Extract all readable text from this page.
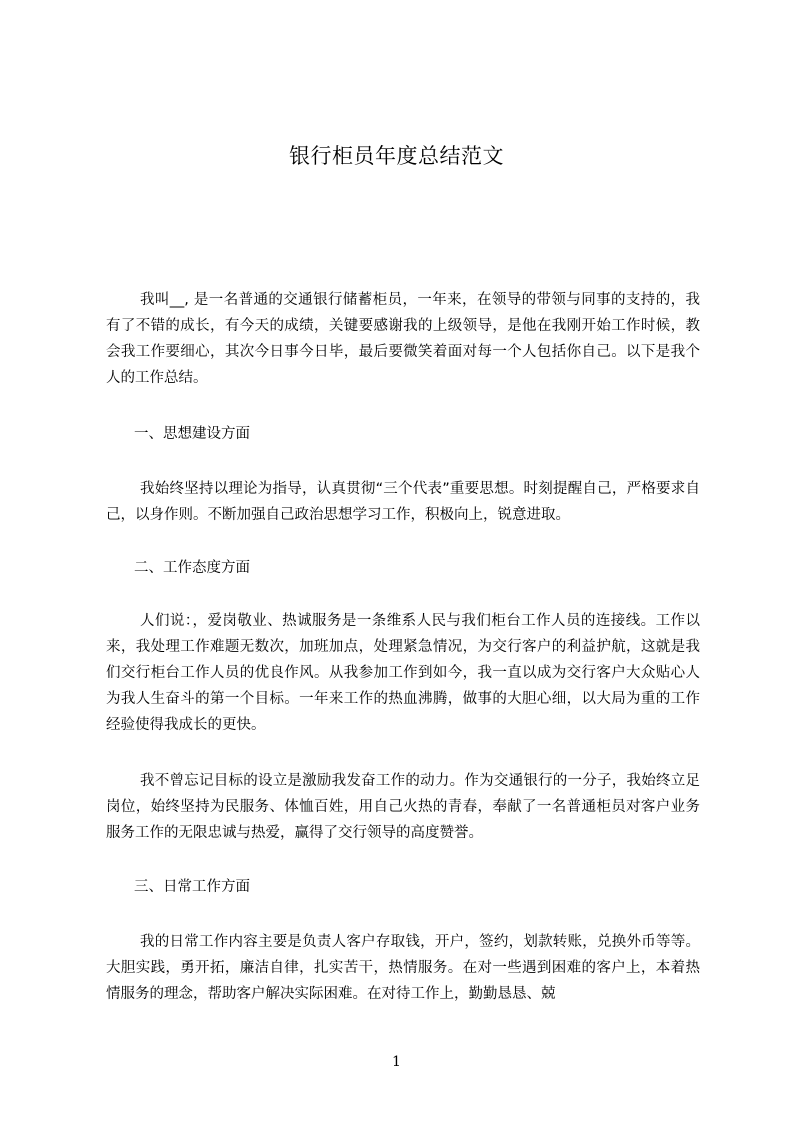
银行柜员年度总结范文

我叫__, 是一名普通的交通银行储蓄柜员，一年来，在领导的带领与同事的支持的，我有了不错的成长，有今天的成绩，关键要感谢我的上级领导，是他在我刚开始工作时候，教会我工作要细心，其次今日事今日毕，最后要微笑着面对每一个人包括你自己。以下是我个人的工作总结。

一、思想建设方面

我始终坚持以理论为指导，认真贯彻“三个代表”重要思想。时刻提醒自己，严格要求自己，以身作则。不断加强自己政治思想学习工作，积极向上，锐意进取。

二、工作态度方面

人们说：，爱岗敬业、热诚服务是一条维系人民与我们柜台工作人员的连接线。工作以来，我处理工作难题无数次，加班加点，处理紧急情况，为交行客户的利益护航，这就是我们交行柜台工作人员的优良作风。从我参加工作到如今，我一直以成为交行客户大众贴心人为我人生奋斗的第一个目标。一年来工作的热血沸腾，做事的大胆心细，以大局为重的工作经验使得我成长的更快。

我不曾忘记目标的设立是激励我发奋工作的动力。作为交通银行的一分子，我始终立足岗位，始终坚持为民服务、体恤百姓，用自己火热的青春，奉献了一名普通柜员对客户业务服务工作的无限忠诚与热爱，赢得了交行领导的高度赞誉。

三、日常工作方面

我的日常工作内容主要是负责人客户存取钱，开户，签约，划款转账，兑换外币等等。大胆实践，勇开拓，廉洁自律，扎实苦干，热情服务。在对一些遇到困难的客户上，本着热情服务的理念，帮助客户解决实际困难。在对待工作上，勤勤恳恳、兢

1
